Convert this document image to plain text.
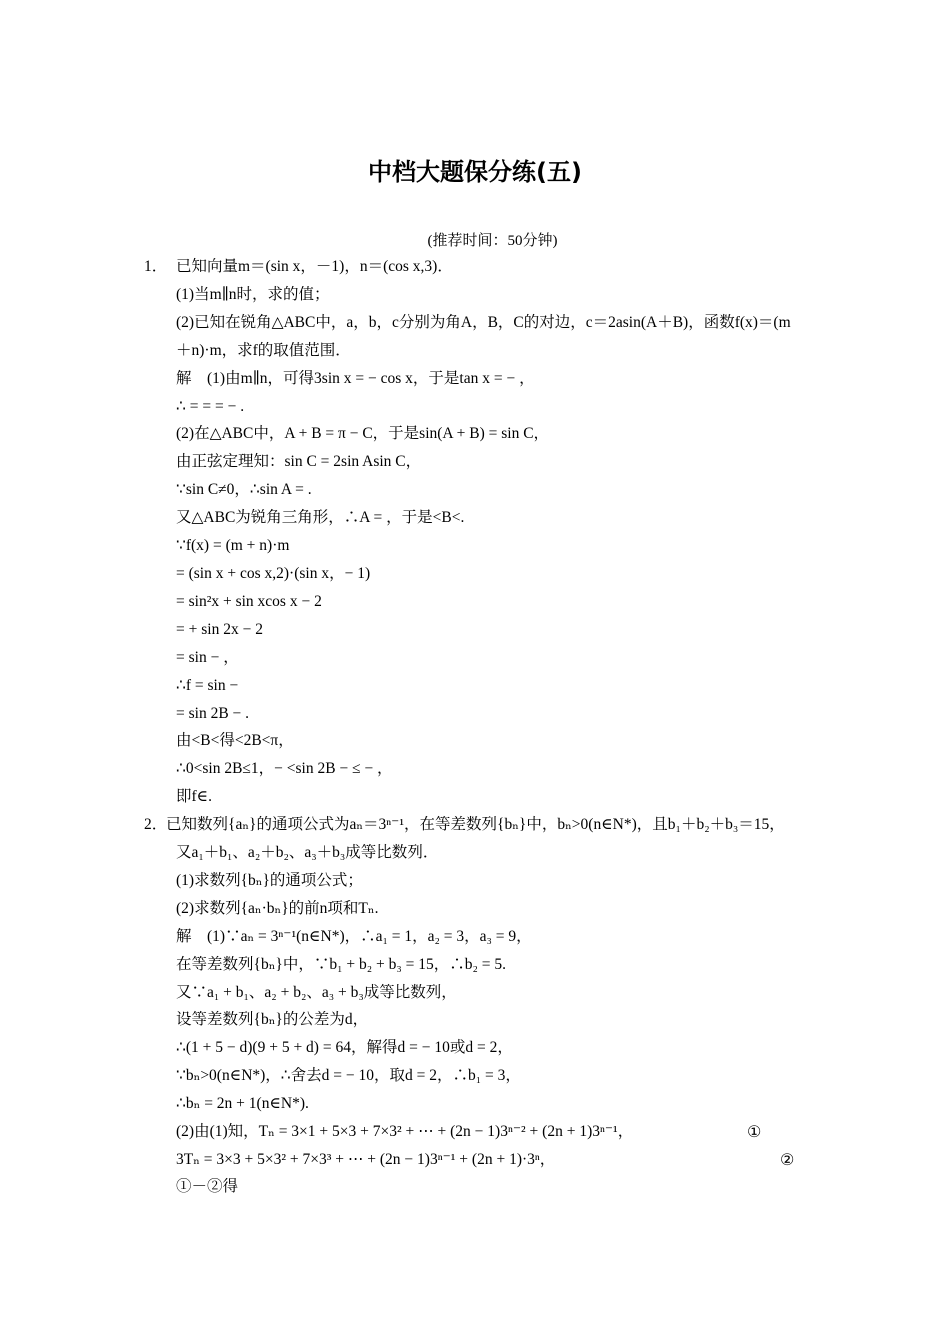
中档大题保分练(五)
(推荐时间：50分钟)
1． 已知向量m＝(sin x，－1)，n＝(cos x,3)．
(1)当m∥n时，求的值；
(2)已知在锐角△ABC中，a，b，c分别为角A，B，C的对边，c＝2asin(A＋B)，函数f(x)＝(m
＋n)·m，求f的取值范围．
解　(1)由m∥n，可得3sin x = − cos x，于是tan x = − ，
∴ = = = − .
(2)在△ABC中，A + B = π − C，于是sin(A + B) = sin C，
由正弦定理知：sin C = 2sin Asin C，
∵sin C≠0，∴sin A = .
又△ABC为锐角三角形，∴A = ，于是<B<.
∵f(x) = (m + n)·m
= (sin x + cos x,2)·(sin x，− 1)
= sin²x + sin xcos x − 2
= + sin 2x − 2
= sin − ，
∴f = sin −
= sin 2B − .
由<B<得<2B<π，
∴0<sin 2B≤1，− <sin 2B − ≤ − ，
即f∈.
2．
已知数列{aₙ}的通项公式为aₙ＝3ⁿ⁻¹，在等差数列{bₙ}中，bₙ>0(n∈N*)，且b₁＋b₂＋b₃＝15，
又a₁＋b₁、a₂＋b₂、a₃＋b₃成等比数列．
(1)求数列{bₙ}的通项公式；
(2)求数列{aₙ·bₙ}的前n项和Tₙ.
解　(1)∵aₙ = 3ⁿ⁻¹(n∈N*)，∴a₁ = 1，a₂ = 3，a₃ = 9，
在等差数列{bₙ}中，∵b₁ + b₂ + b₃ = 15，∴b₂ = 5.
又∵a₁ + b₁、a₂ + b₂、a₃ + b₃成等比数列，
设等差数列{bₙ}的公差为d，
∴(1 + 5 − d)(9 + 5 + d) = 64，解得d = − 10或d = 2，
∵bₙ>0(n∈N*)，∴舍去d = − 10，取d = 2，∴b₁ = 3，
∴bₙ = 2n + 1(n∈N*).
(2)由(1)知，Tₙ = 3×1 + 5×3 + 7×3² + ⋯ + (2n − 1)3ⁿ⁻² + (2n + 1)3ⁿ⁻¹，	①
3Tₙ = 3×3 + 5×3² + 7×3³ + ⋯ + (2n − 1)3ⁿ⁻¹ + (2n + 1)·3ⁿ，	②
①－②得
